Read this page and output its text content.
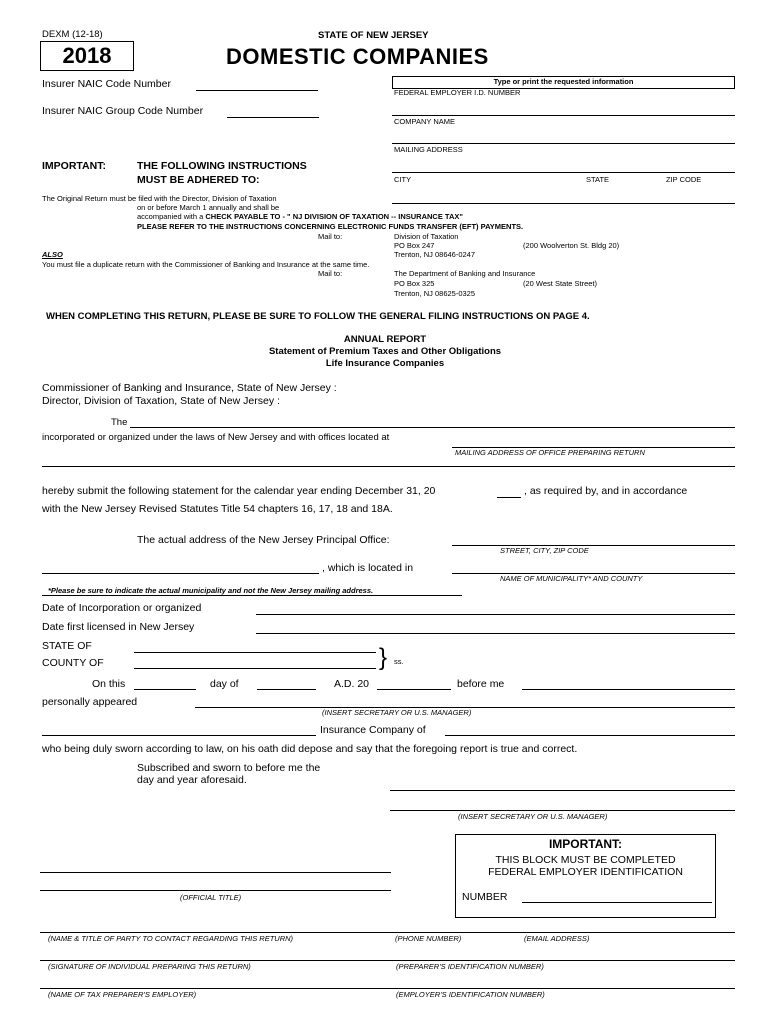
DEXM (12-18)
2018
STATE OF NEW JERSEY
DOMESTIC COMPANIES
Insurer NAIC Code Number
Insurer NAIC Group Code Number
IMPORTANT:	THE FOLLOWING INSTRUCTIONS
MUST BE ADHERED TO:
Type or print the requested information
FEDERAL EMPLOYER I.D. NUMBER
COMPANY NAME
MAILING ADDRESS
CITY	STATE	ZIP CODE
The Original Return must be filed with the Director, Division of Taxation
on or before March 1 annually and shall be
accompanied with a CHECK PAYABLE TO - " NJ DIVISION OF TAXATION -- INSURANCE TAX"
PLEASE REFER TO THE INSTRUCTIONS CONCERNING ELECTRONIC FUNDS TRANSFER (EFT) PAYMENTS.
Mail to:	Division of Taxation
PO Box 247	(200 Woolverton St. Bldg 20)
ALSO	Trenton, NJ 08646-0247
You must file a duplicate return with the Commissioner of Banking and Insurance at the same time.
Mail to:	The Department of Banking and Insurance
PO Box 325	(20 West State Street)
Trenton, NJ 08625-0325
WHEN COMPLETING THIS RETURN, PLEASE BE SURE TO FOLLOW THE GENERAL FILING INSTRUCTIONS ON PAGE 4.
ANNUAL REPORT
Statement of Premium Taxes and Other Obligations
Life Insurance Companies
Commissioner of Banking and Insurance, State of New Jersey :
Director, Division of Taxation, State of New Jersey :
The
incorporated or organized under the laws of New Jersey and with offices located at
MAILING ADDRESS OF OFFICE PREPARING RETURN
hereby submit the following statement for the calendar year ending December 31, 20	, as required by, and in accordance
with the New Jersey Revised Statutes Title 54 chapters 16, 17, 18 and 18A.
The actual address of the New Jersey Principal Office:
STREET, CITY, ZIP CODE
, which is located in
NAME OF MUNICIPALITY* AND COUNTY
*Please be sure to indicate the actual municipality and not the New Jersey mailing address.
Date of Incorporation or organized
Date first licensed in New Jersey
STATE OF
COUNTY OF	} ss.
On this	day of	A.D. 20	before me
personally appeared
(INSERT SECRETARY OR U.S. MANAGER)
Insurance Company of
who being duly sworn according to law, on his oath did depose and say that the foregoing report is true and correct.
Subscribed and sworn to before me the
day and year aforesaid.
(INSERT SECRETARY OR U.S. MANAGER)
IMPORTANT:
THIS BLOCK MUST BE COMPLETED
FEDERAL EMPLOYER IDENTIFICATION
NUMBER
(OFFICIAL TITLE)
(NAME & TITLE OF PARTY TO CONTACT REGARDING THIS RETURN)	(PHONE NUMBER)	(EMAIL ADDRESS)
(SIGNATURE OF INDIVIDUAL PREPARING THIS RETURN)	(PREPARER'S IDENTIFICATION NUMBER)
(NAME OF TAX PREPARER'S EMPLOYER)	(EMPLOYER'S IDENTIFICATION NUMBER)
